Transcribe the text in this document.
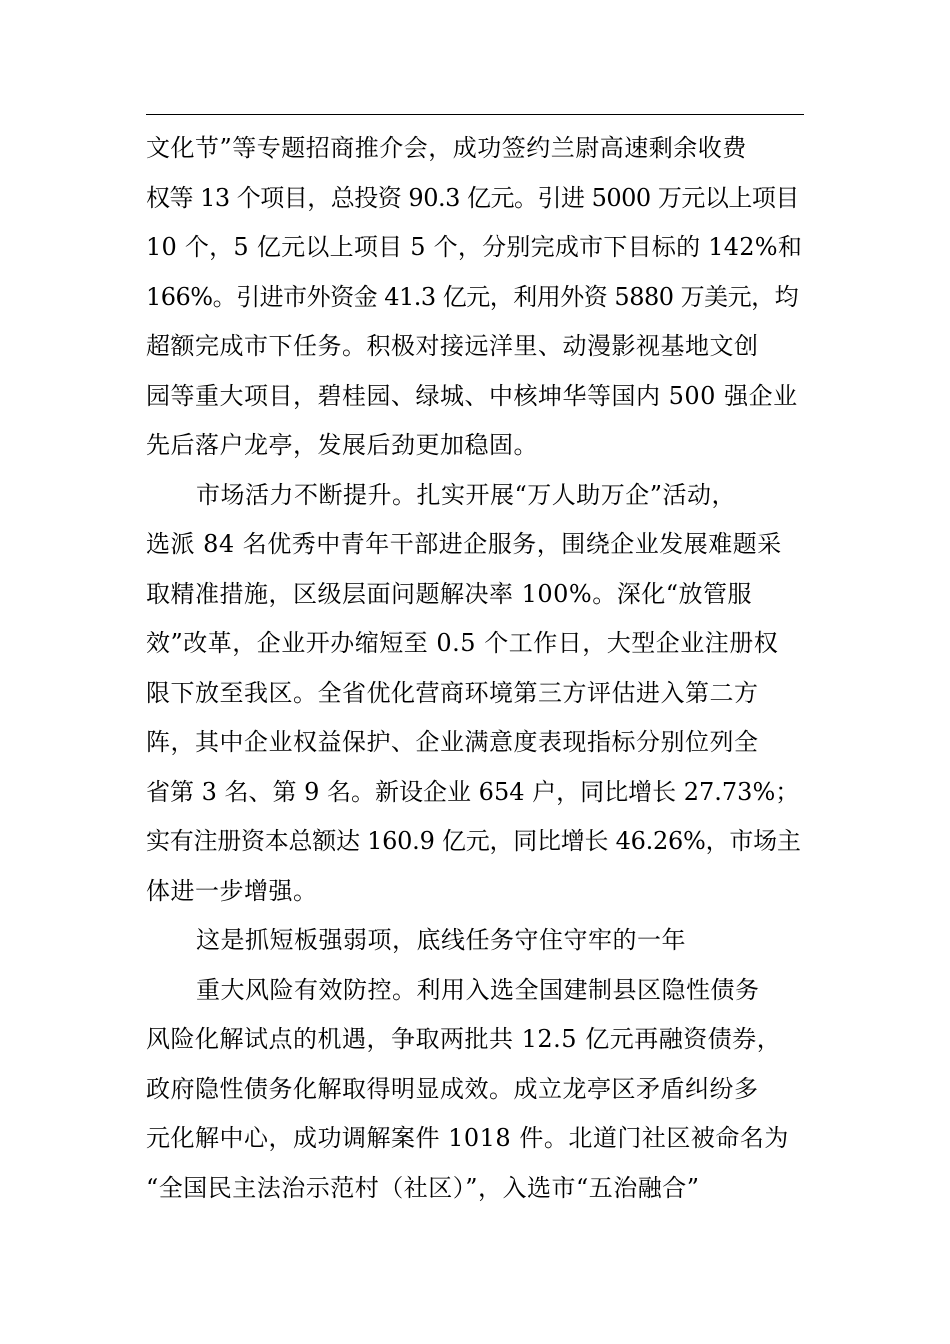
文化节”等专题招商推介会，成功签约兰尉高速剩余收费
权等 13 个项目，总投资 90.3 亿元。引进 5000 万元以上项目
10 个，5 亿元以上项目 5 个，分别完成市下目标的 142%和
166%。引进市外资金 41.3 亿元，利用外资 5880 万美元，均
超额完成市下任务。积极对接远洋里、动漫影视基地文创
园等重大项目，碧桂园、绿城、中核坤华等国内 500 强企业
先后落户龙亭，发展后劲更加稳固。
市场活力不断提升。扎实开展“万人助万企”活动，
选派 84 名优秀中青年干部进企服务，围绕企业发展难题采
取精准措施，区级层面问题解决率 100%。深化“放管服
效”改革，企业开办缩短至 0.5 个工作日，大型企业注册权
限下放至我区。全省优化营商环境第三方评估进入第二方
阵，其中企业权益保护、企业满意度表现指标分别位列全
省第 3 名、第 9 名。新设企业 654 户，同比增长 27.73%；
实有注册资本总额达 160.9 亿元，同比增长 46.26%，市场主
体进一步增强。
这是抓短板强弱项，底线任务守住守牢的一年
重大风险有效防控。利用入选全国建制县区隐性债务
风险化解试点的机遇，争取两批共 12.5 亿元再融资债券，
政府隐性债务化解取得明显成效。成立龙亭区矛盾纠纷多
元化解中心，成功调解案件 1018 件。北道门社区被命名为
“全国民主法治示范村（社区）”，入选市“五治融合”
